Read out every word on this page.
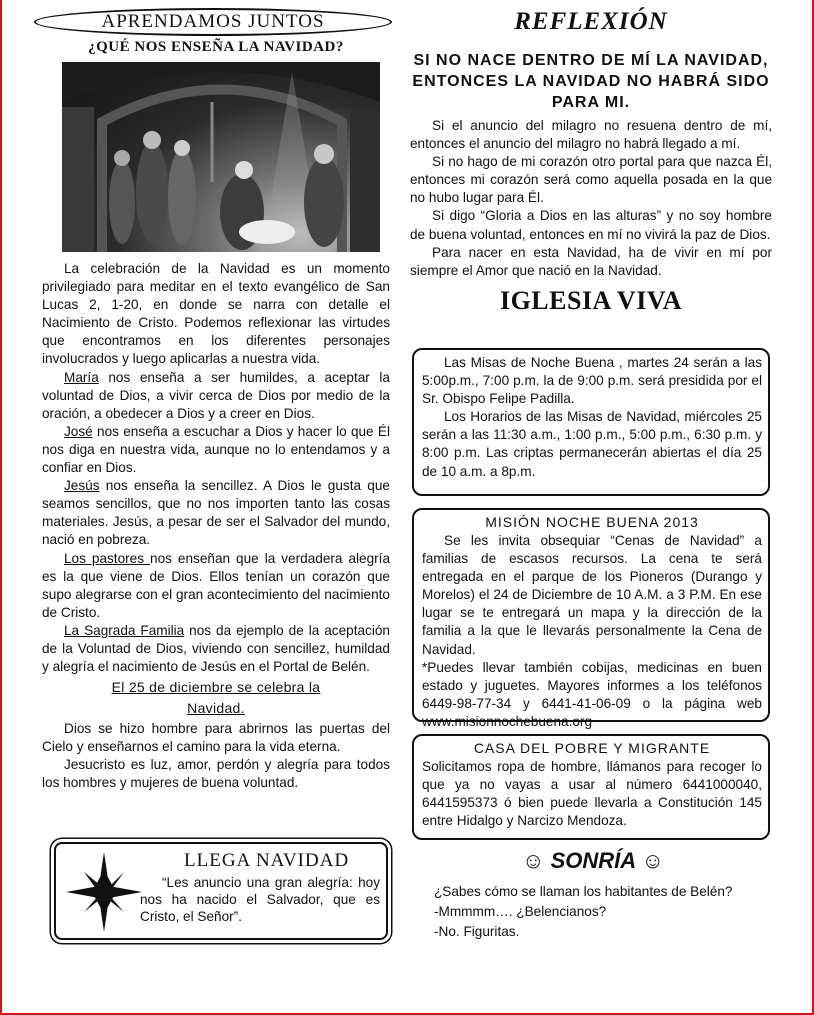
APRENDAMOS JUNTOS
¿QUÉ NOS ENSEÑA LA NAVIDAD?

La celebración de la Navidad es un momento privilegiado para meditar en el texto evangélico de San Lucas 2, 1-20, en donde se narra con detalle el Nacimiento de Cristo. Podemos reflexionar las virtudes que encontramos en los diferentes personajes involucrados y luego aplicarlas a nuestra vida.

María nos enseña a ser humildes, a aceptar la voluntad de Dios, a vivir cerca de Dios por medio de la oración, a obedecer a Dios y a creer en Dios.

José nos enseña a escuchar a Dios y hacer lo que Él nos diga en nuestra vida, aunque no lo entendamos y a confiar en Dios.

Jesús nos enseña la sencillez. A Dios le gusta que seamos sencillos, que no nos importen tanto las cosas materiales. Jesús, a pesar de ser el Salvador del mundo, nació en pobreza.

Los pastores nos enseñan que la verdadera alegría es la que viene de Dios. Ellos tenían un corazón que supo alegrarse con el gran acontecimiento del nacimiento de Cristo.

La Sagrada Familia nos da ejemplo de la aceptación de la Voluntad de Dios, viviendo con sencillez, humildad y alegría el nacimiento de Jesús en el Portal de Belén.

El 25 de diciembre se celebra la
Navidad.

Dios se hizo hombre para abrirnos las puertas del Cielo y enseñarnos el camino para la vida eterna.

Jesucristo es luz, amor, perdón y alegría para todos los hombres y mujeres de buena voluntad.

LLEGA NAVIDAD
“Les anuncio una gran alegría: hoy nos ha nacido el Salvador, que es Cristo, el Señor”.
REFLEXIÓN
SI NO NACE DENTRO DE MÍ LA NAVIDAD, ENTONCES LA NAVIDAD NO HABRÁ SIDO PARA MI.

Si el anuncio del milagro no resuena dentro de mí, entonces el anuncio del milagro no habrá llegado a mí.

Si no hago de mi corazón otro portal para que nazca Él, entonces mi corazón será como aquella posada en la que no hubo lugar para Él.

Si digo “Gloria a Dios en las alturas” y no soy hombre de buena voluntad, entonces en mí no vivirá la paz de Dios.

Para nacer en esta Navidad, ha de vivir en mí por siempre el Amor que nació en la Navidad.

IGLESIA VIVA

Las Misas de Noche Buena , martes 24 serán a las 5:00p.m., 7:00 p.m. la de 9:00 p.m. será presidida por el Sr. Obispo Felipe Padilla.

Los Horarios de las Misas de Navidad, miércoles 25 serán a las 11:30 a.m., 1:00 p.m., 5:00 p.m., 6:30 p.m. y 8:00 p.m. Las criptas permanecerán abiertas el día 25 de 10 a.m. a 8p.m.

MISIÓN NOCHE BUENA 2013

Se les invita obsequiar “Cenas de Navidad” a familias de escasos recursos. La cena te será entregada en el parque de los Pioneros (Durango y Morelos) el 24 de Diciembre de 10 A.M. a 3 P.M. En ese lugar se te entregará un mapa y la dirección de la familia a la que le llevarás personalmente la Cena de Navidad.

*Puedes llevar también cobijas, medicinas en buen estado y juguetes. Mayores informes a los teléfonos 6449-98-77-34 y 6441-41-06-09 o la página web www.misionnochebuena.org

CASA DEL POBRE Y MIGRANTE

Solicitamos ropa de hombre, llámanos para recoger lo que ya no vayas a usar al número 6441000040, 6441595373 ó bien puede llevarla a Constitución 145 entre Hidalgo y Narcizo Mendoza.

☺ SONRÍA ☺
¿Sabes cómo se llaman los habitantes de Belén?
-Mmmmm…. ¿Belencianos?
-No. Figuritas.
